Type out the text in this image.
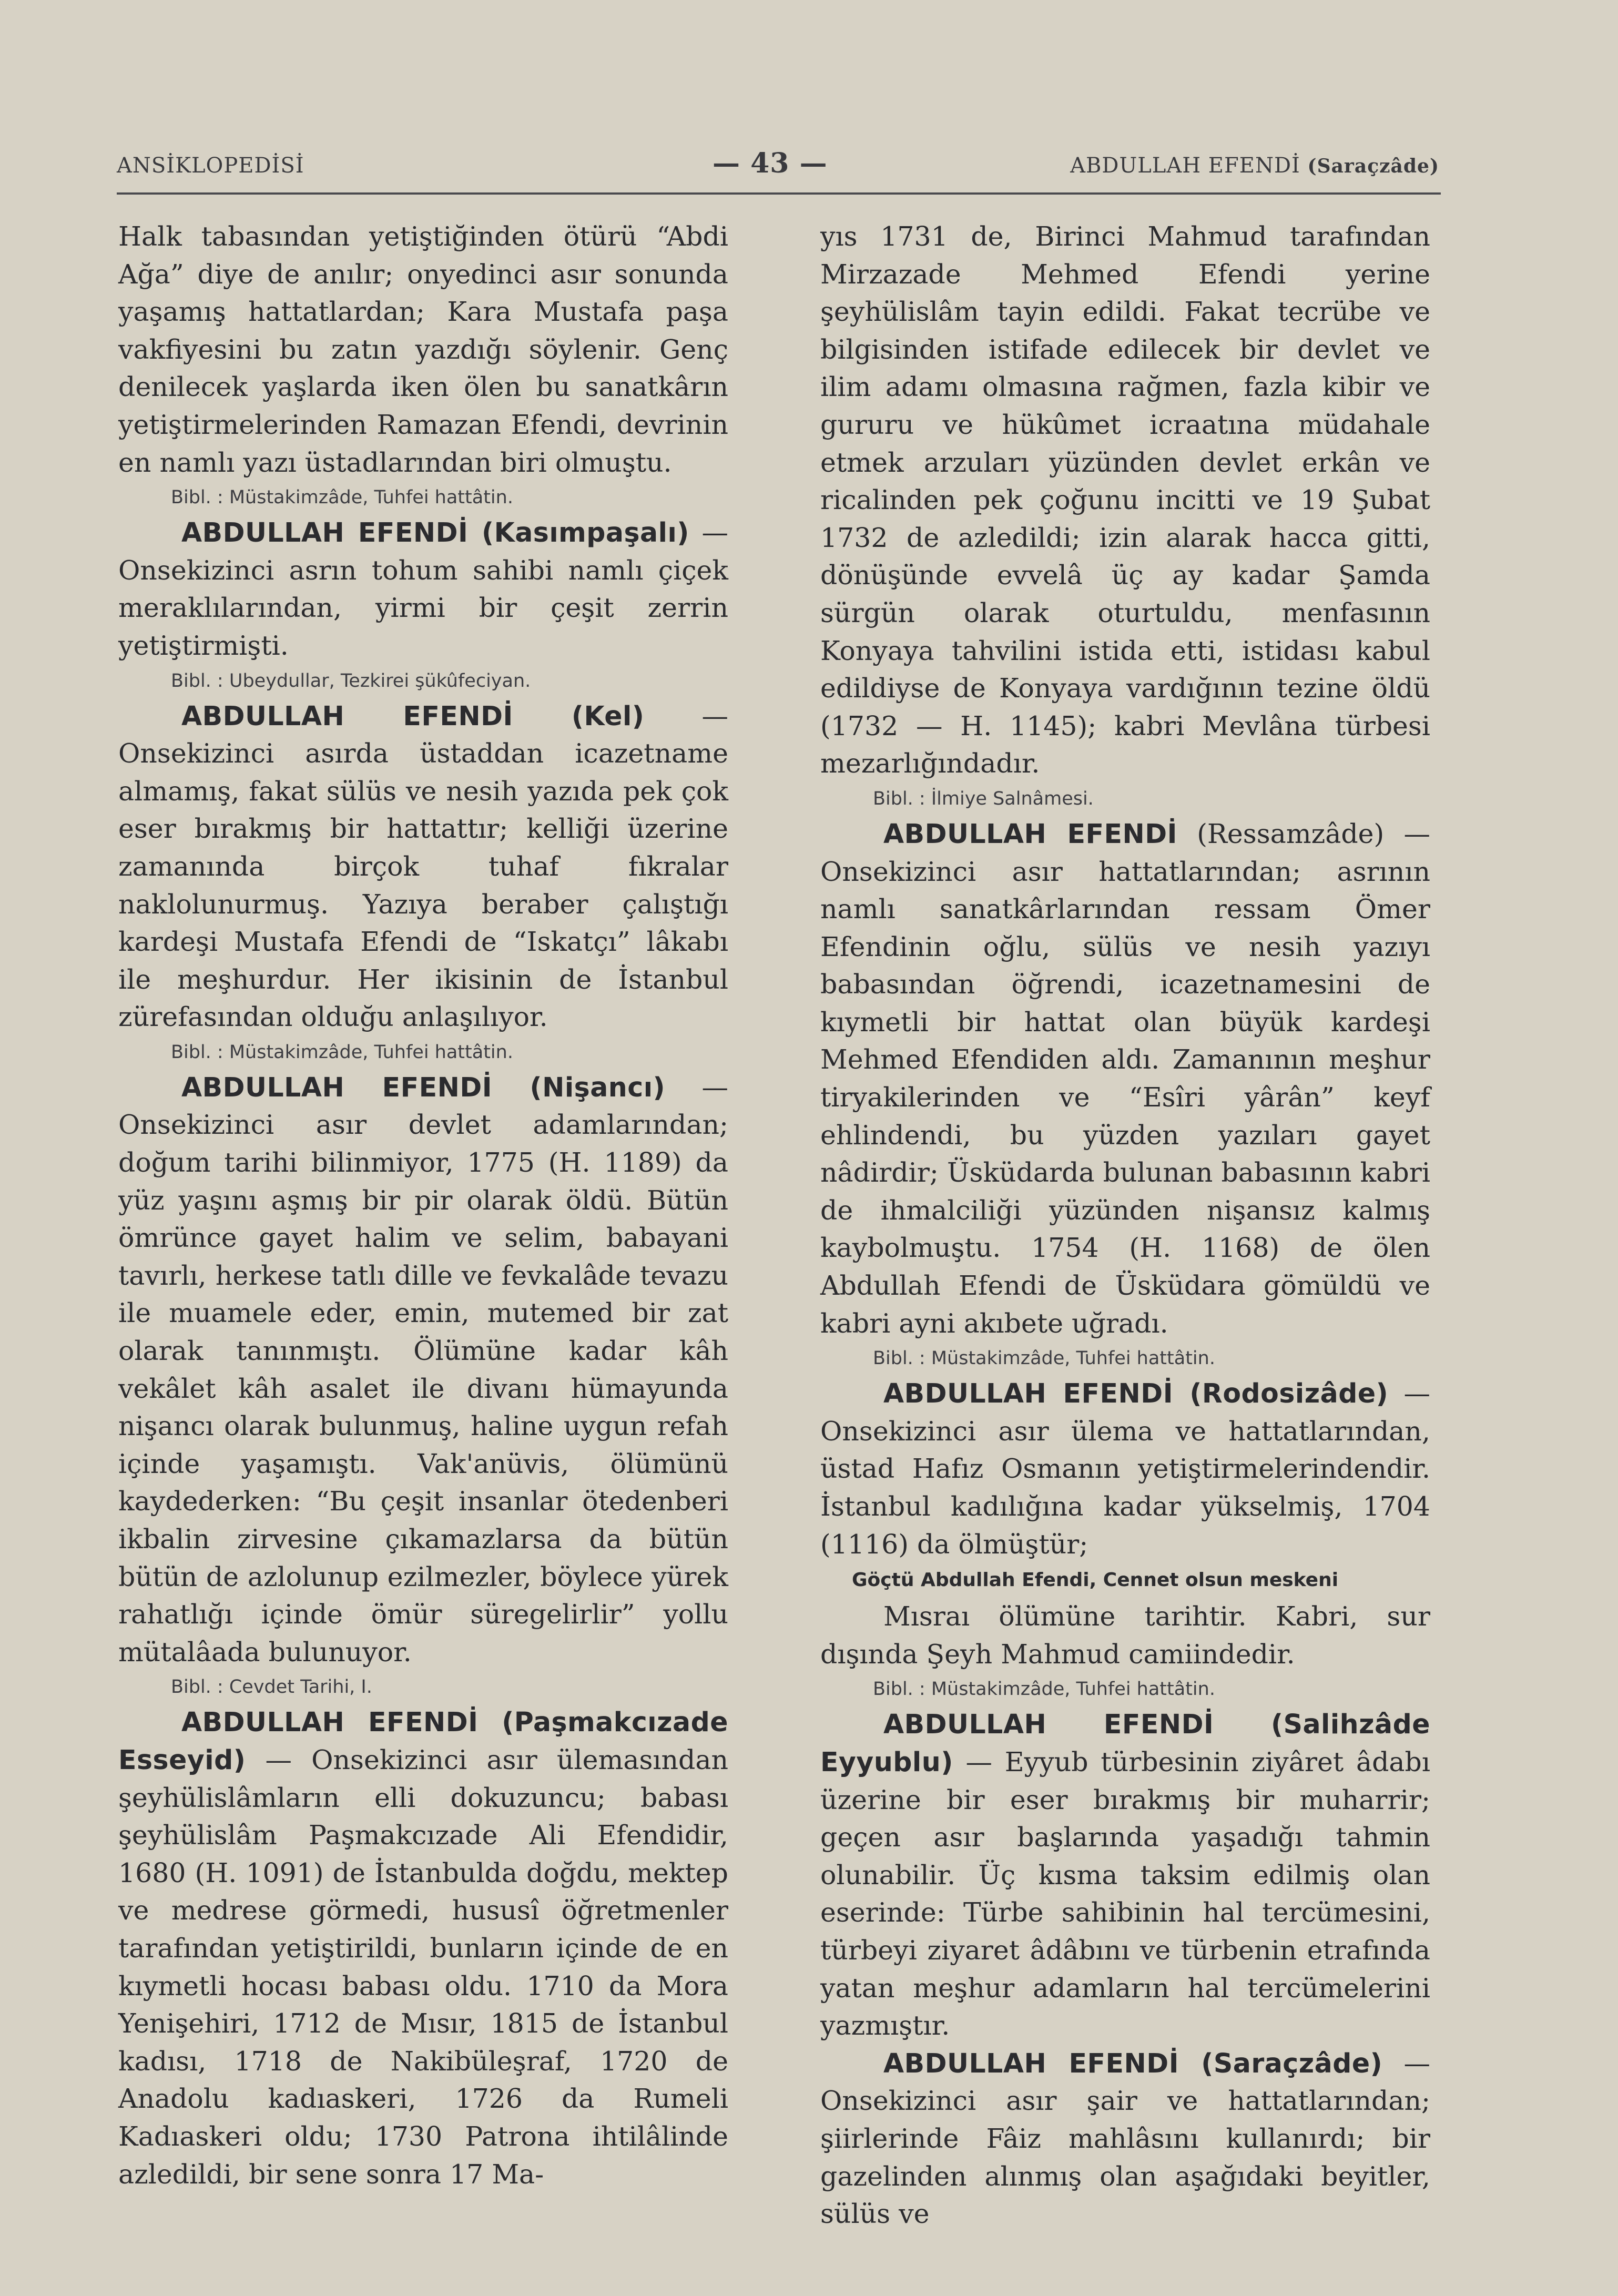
ANSİKLOPEDİSİ	— 43 —	ABDULLAH EFENDİ (Saraçzâde)

Halk tabasından yetiştiğinden ötürü “Abdi Ağa” diye de anılır; onyedinci asır sonunda yaşamış hattatlardan; Kara Mustafa paşa vakfiyesini bu zatın yazdığı söylenir. Genç denilecek yaşlarda iken ölen bu sanatkârın yetiştirmelerinden Ramazan Efendi, devrinin en namlı yazı üstadlarından biri olmuştu.

Bibl. : Müstakimzâde, Tuhfei hattâtin.

ABDULLAH EFENDİ (Kasımpaşalı) — Onsekizinci asrın tohum sahibi namlı çiçek meraklılarından, yirmi bir çeşit zerrin yetiştirmişti.

Bibl. : Ubeydullar, Tezkirei şükûfeciyan.

ABDULLAH EFENDİ (Kel) — Onsekizinci asırda üstaddan icazetname almamış, fakat sülüs ve nesih yazıda pek çok eser bırakmış bir hattattır; kelliği üzerine zamanında birçok tuhaf fıkralar naklolunurmuş. Yazıya beraber çalıştığı kardeşi Mustafa Efendi de “Iskatçı” lâkabı ile meşhurdur. Her ikisinin de İstanbul zürefasından olduğu anlaşılıyor.

Bibl. : Müstakimzâde, Tuhfei hattâtin.

ABDULLAH EFENDİ (Nişancı) — Onsekizinci asır devlet adamlarından; doğum tarihi bilinmiyor, 1775 (H. 1189) da yüz yaşını aşmış bir pir olarak öldü. Bütün ömrünce gayet halim ve selim, babayani tavırlı, herkese tatlı dille ve fevkalâde tevazu ile muamele eder, emin, mutemed bir zat olarak tanınmıştı. Ölümüne kadar kâh vekâlet kâh asalet ile divanı hümayunda nişancı olarak bulunmuş, haline uygun refah içinde yaşamıştı. Vak'anüvis, ölümünü kaydederken: “Bu çeşit insanlar ötedenberi ikbalin zirvesine çıkamazlarsa da bütün bütün de azlolunup ezilmezler, böylece yürek rahatlığı içinde ömür süregelirlir” yollu mütalâada bulunuyor.

Bibl. : Cevdet Tarihi, I.

ABDULLAH EFENDİ (Paşmakcızade Esseyid) — Onsekizinci asır ülemasından şeyhülislâmların elli dokuzuncu; babası şeyhülislâm Paşmakcızade Ali Efendidir, 1680 (H. 1091) de İstanbulda doğdu, mektep ve medrese görmedi, hususî öğretmenler tarafından yetiştirildi, bunların içinde de en kıymetli hocası babası oldu. 1710 da Mora Yenişehiri, 1712 de Mısır, 1815 de İstanbul kadısı, 1718 de Nakibüleşraf, 1720 de Anadolu kadıaskeri, 1726 da Rumeli Kadıaskeri oldu; 1730 Patrona ihtilâlinde azledildi, bir sene sonra 17 Ma-

yıs 1731 de, Birinci Mahmud tarafından Mirzazade Mehmed Efendi yerine şeyhülislâm tayin edildi. Fakat tecrübe ve bilgisinden istifade edilecek bir devlet ve ilim adamı olmasına rağmen, fazla kibir ve gururu ve hükûmet icraatına müdahale etmek arzuları yüzünden devlet erkân ve ricalinden pek çoğunu incitti ve 19 Şubat 1732 de azledildi; izin alarak hacca gitti, dönüşünde evvelâ üç ay kadar Şamda sürgün olarak oturtuldu, menfasının Konyaya tahvilini istida etti, istidası kabul edildiyse de Konyaya vardığının tezine öldü (1732 — H. 1145); kabri Mevlâna türbesi mezarlığındadır.

Bibl. : İlmiye Salnâmesi.

ABDULLAH EFENDİ (Ressamzâde) — Onsekizinci asır hattatlarından; asrının namlı sanatkârlarından ressam Ömer Efendinin oğlu, sülüs ve nesih yazıyı babasından öğrendi, icazetnamesini de kıymetli bir hattat olan büyük kardeşi Mehmed Efendiden aldı. Zamanının meşhur tiryakilerinden ve “Esîri yârân” keyf ehlindendi, bu yüzden yazıları gayet nâdirdir; Üsküdarda bulunan babasının kabri de ihmalciliği yüzünden nişansız kalmış kaybolmuştu. 1754 (H. 1168) de ölen Abdullah Efendi de Üsküdara gömüldü ve kabri ayni akıbete uğradı.

Bibl. : Müstakimzâde, Tuhfei hattâtin.

ABDULLAH EFENDİ (Rodosizâde) — Onsekizinci asır ülema ve hattatlarından, üstad Hafız Osmanın yetiştirmelerindendir. İstanbul kadılığına kadar yükselmiş, 1704 (1116) da ölmüştür;

Göçtü Abdullah Efendi, Cennet olsun meskeni

Mısraı ölümüne tarihtir. Kabri, sur dışında Şeyh Mahmud camiindedir.

Bibl. : Müstakimzâde, Tuhfei hattâtin.

ABDULLAH EFENDİ (Salihzâde Eyyublu) — Eyyub türbesinin ziyâret âdabı üzerine bir eser bırakmış bir muharrir; geçen asır başlarında yaşadığı tahmin olunabilir. Üç kısma taksim edilmiş olan eserinde: Türbe sahibinin hal tercümesini, türbeyi ziyaret âdâbını ve türbenin etrafında yatan meşhur adamların hal tercümelerini yazmıştır.

ABDULLAH EFENDİ (Saraçzâde) — Onsekizinci asır şair ve hattatlarından; şiirlerinde Fâiz mahlâsını kullanırdı; bir gazelinden alınmış olan aşağıdaki beyitler, sülüs ve
